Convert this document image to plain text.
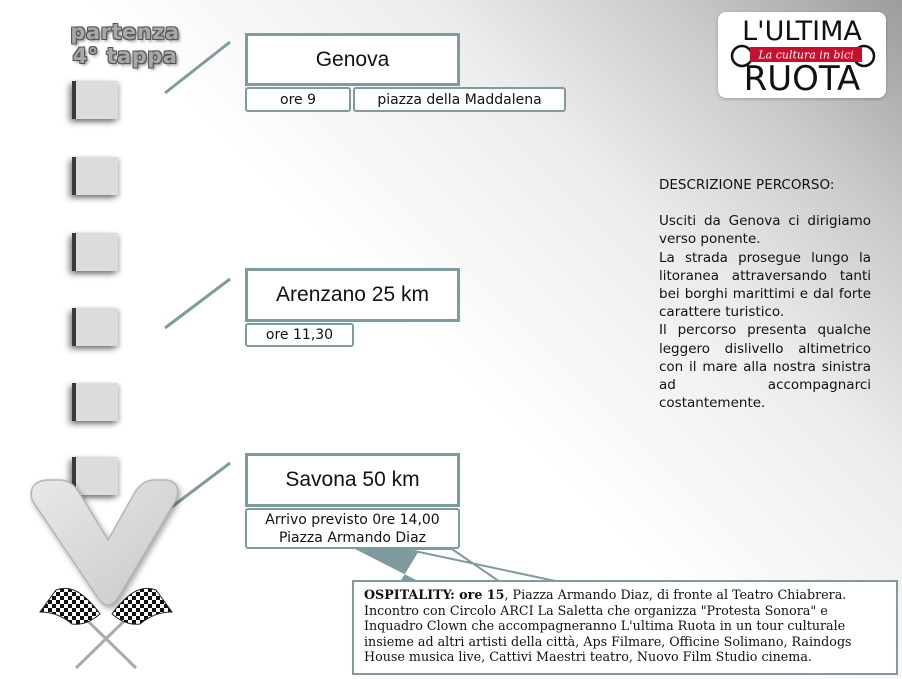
partenza
4° tappa	Genova
ore 9	piazza della Maddalena
Arenzano 25 km
ore 11,30
Savona 50 km
Arrivo previsto 0re 14,00
Piazza Armando Diaz
L'ULTIMA
La cultura in bici
RUOTA

DESCRIZIONE PERCORSO:

Usciti da Genova ci dirigiamo verso ponente.

La strada prosegue lungo la litoranea attraversando tanti bei borghi marittimi e dal forte carattere turistico.

Il percorso presenta qualche leggero dislivello altimetrico con il mare alla nostra sinistra ad accompagnarci costantemente.

OSPITALITY: ore 15, Piazza Armando Diaz, di fronte al Teatro Chiabrera. Incontro con Circolo ARCI La Saletta che organizza "Protesta Sonora" e Inquadro Clown che accompagneranno L'ultima Ruota in un tour culturale insieme ad altri artisti della città, Aps Filmare, Officine Solimano, Raindogs House musica live, Cattivi Maestri teatro, Nuovo Film Studio cinema.
